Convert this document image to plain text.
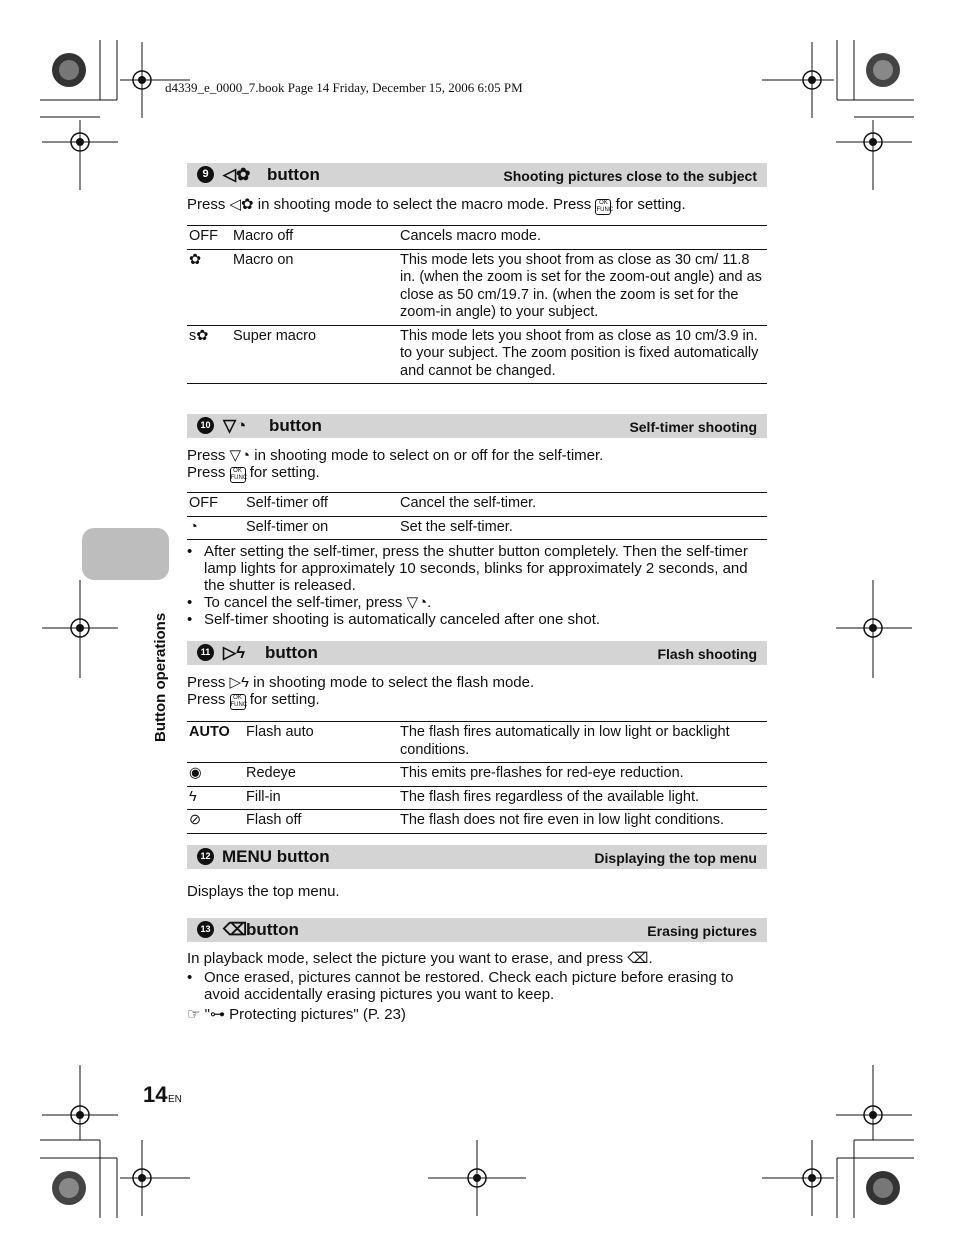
d4339_e_0000_7.book Page 14 Friday, December 15, 2006 6:05 PM
Button operations
9 ◁✿ button	Shooting pictures close to the subject
Press ◁✿ in shooting mode to select the macro mode. Press OK
FUNC for setting.
OFF	Macro off	Cancels macro mode.
✿	Macro on	This mode lets you shoot from as close as 30 cm/ 11.8 in. (when the zoom is set for the zoom-out angle) and as close as 50 cm/19.7 in. (when the zoom is set for the zoom-in angle) to your subject.
s✿	Super macro	This mode lets you shoot from as close as 10 cm/3.9 in. to your subject. The zoom position is fixed automatically and cannot be changed.
10 ▽◔ button	Self-timer shooting
Press ▽◔ in shooting mode to select on or off for the self-timer.
Press OK
FUNC for setting.
OFF	Self-timer off	Cancel the self-timer.
◔	Self-timer on	Set the self-timer.
• After setting the self-timer, press the shutter button completely. Then the self-timer lamp lights for approximately 10 seconds, blinks for approximately 2 seconds, and the shutter is released.
• To cancel the self-timer, press ▽◔.
• Self-timer shooting is automatically canceled after one shot.
11 ▷ϟ button	Flash shooting
Press ▷ϟ in shooting mode to select the flash mode.
Press OK
FUNC for setting.
AUTO	Flash auto	The flash fires automatically in low light or backlight conditions.
◉	Redeye	This emits pre-flashes for red-eye reduction.
ϟ	Fill-in	The flash fires regardless of the available light.
⊘	Flash off	The flash does not fire even in low light conditions.
12 MENU button	Displaying the top menu
Displays the top menu.
13 ⌫
button	Erasing pictures
In playback mode, select the picture you want to erase, and press ⌫.
• Once erased, pictures cannot be restored. Check each picture before erasing to avoid accidentally erasing pictures you want to keep.
☞ "⊶ Protecting pictures" (P. 23)
14 EN
